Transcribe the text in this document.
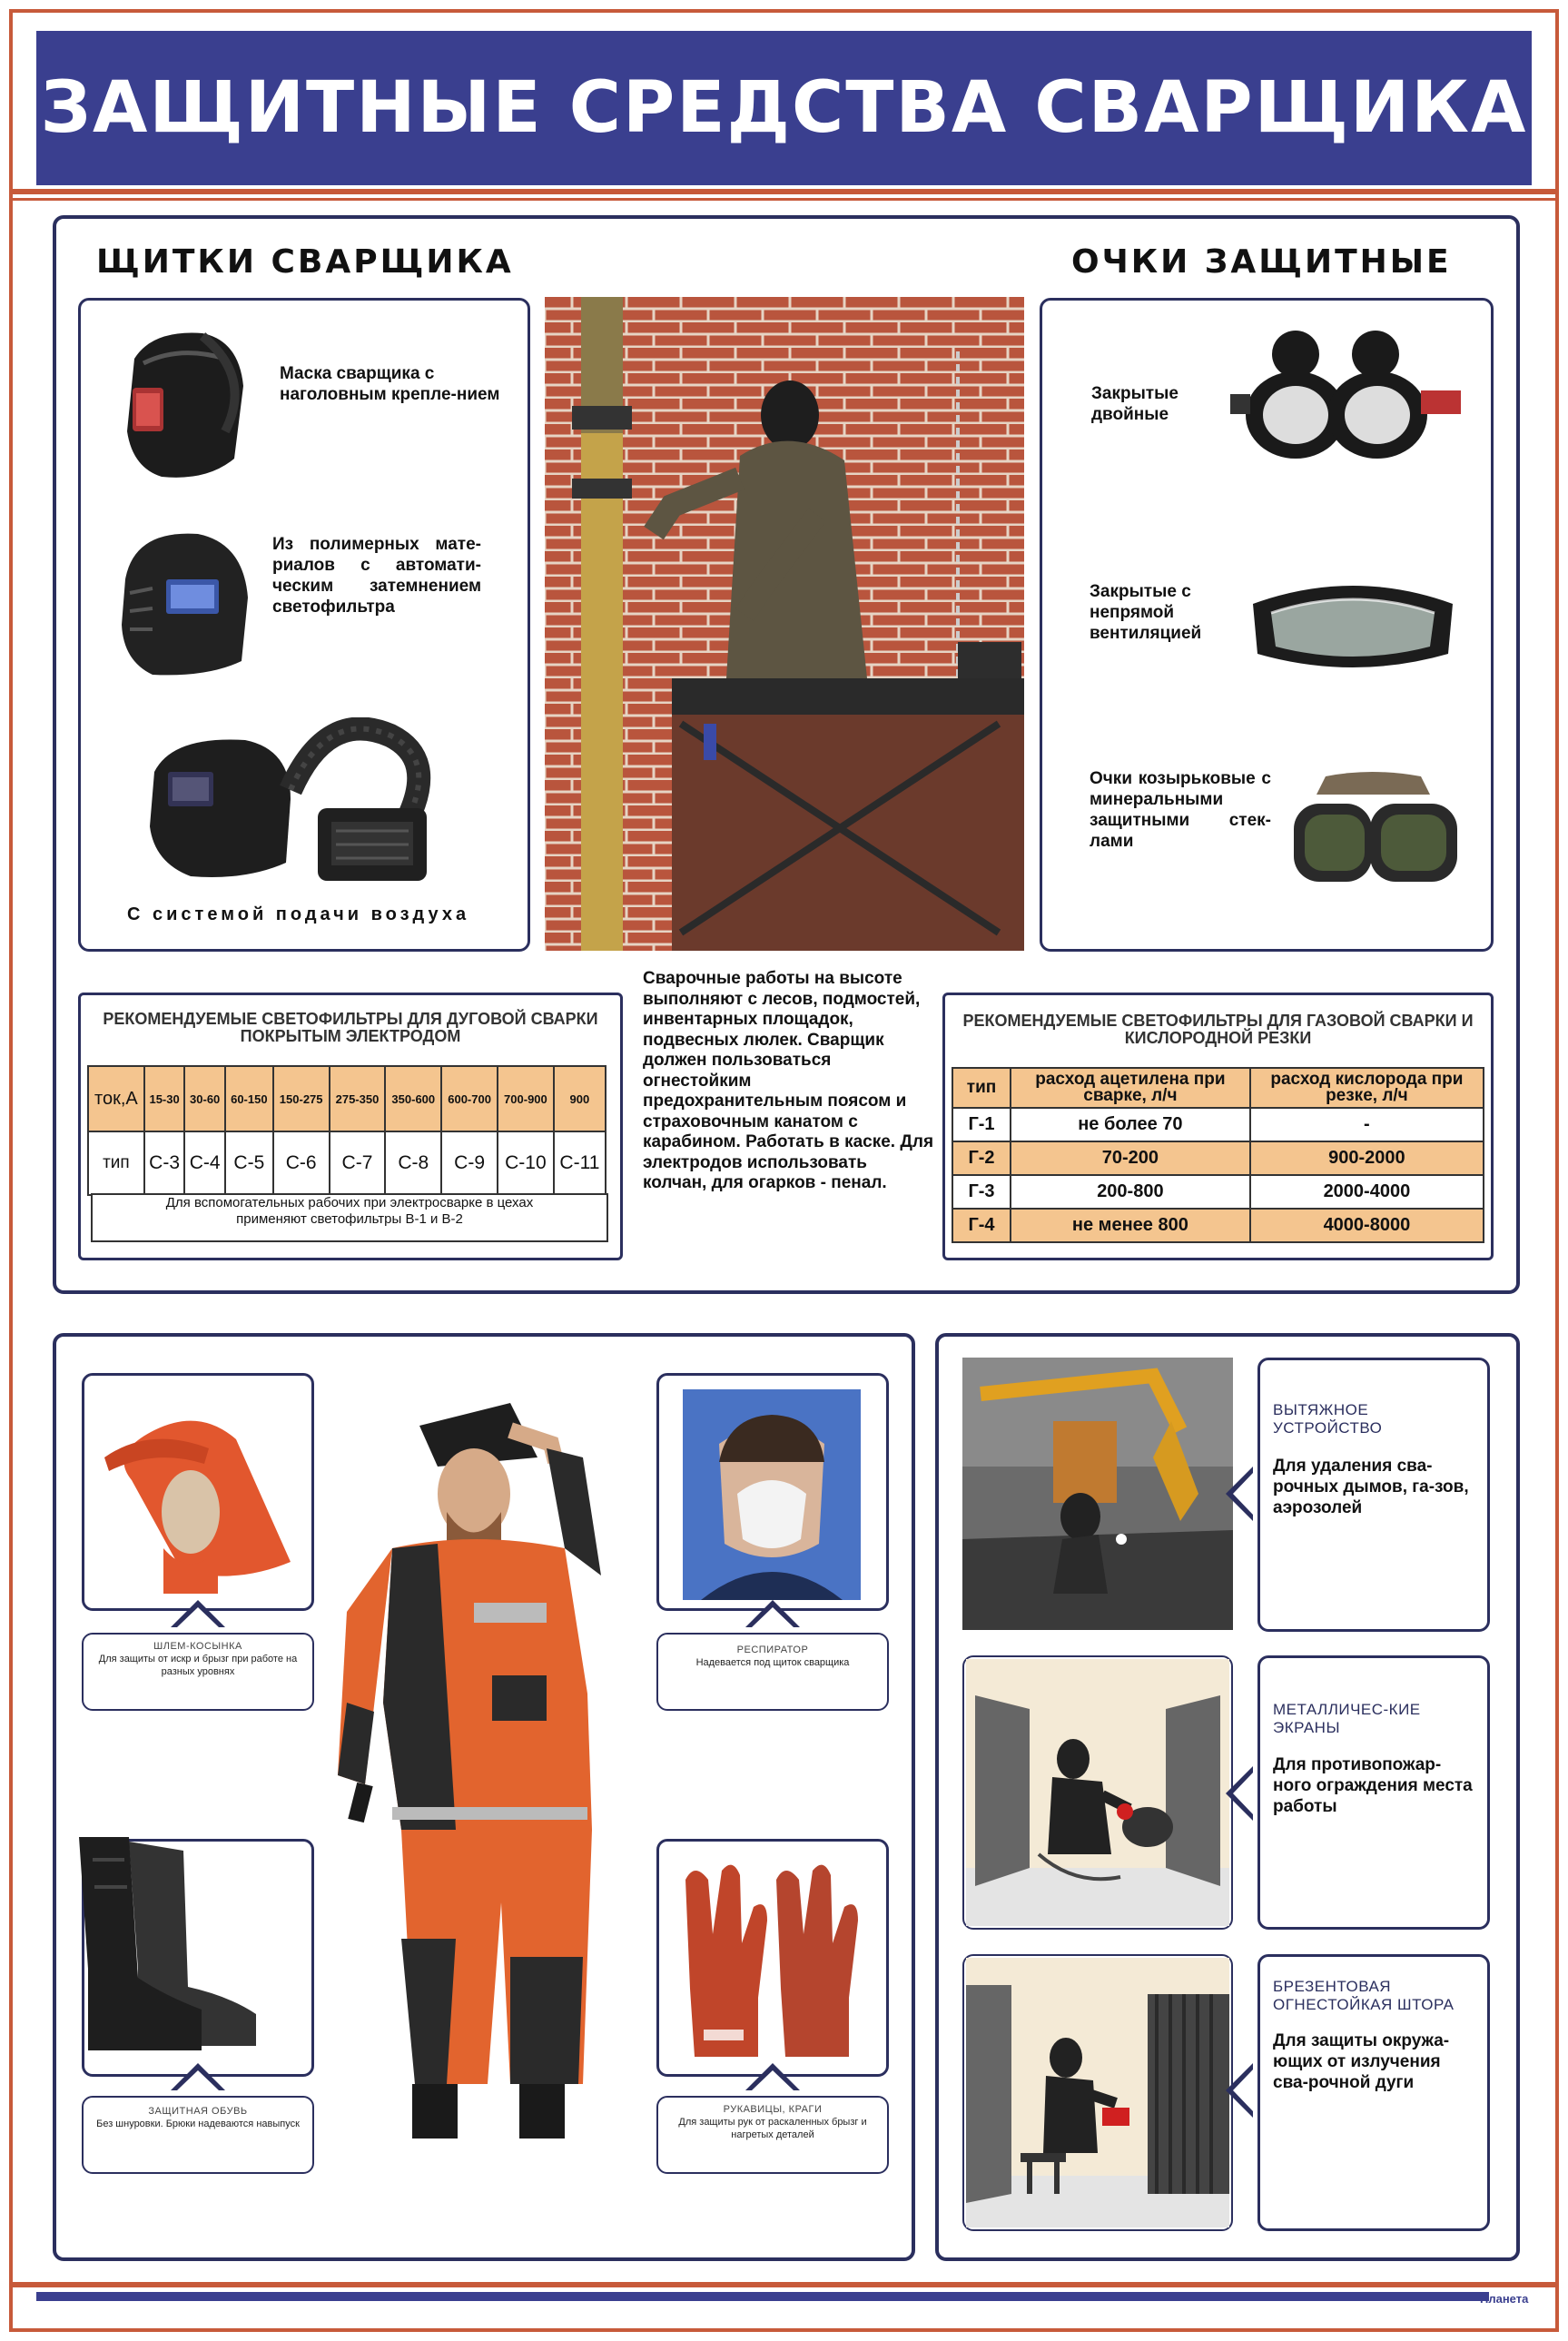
ЗАЩИТНЫЕ СРЕДСТВА СВАРЩИКА
ЩИТКИ СВАРЩИКА	ОЧКИ ЗАЩИТНЫЕ
Маска сварщика с наголовным крепле-нием
Из полимерных мате-риалов с автомати-ческим затемнением светофильтра
С системой подачи воздуха
Закрытые двойные
Закрытые с непрямой вентиляцией
Очки козырьковые с минеральными защитными стек-лами
РЕКОМЕНДУЕМЫЕ СВЕТОФИЛЬТРЫ ДЛЯ ДУГОВОЙ СВАРКИ ПОКРЫТЫМ ЭЛЕКТРОДОМ
ток,А	15-30	30-60	60-150	150-275	275-350	350-600	600-700	700-900	900
тип	С-3	С-4	С-5	С-6	С-7	С-8	С-9	С-10	С-11
Для вспомогательных рабочих при электросварке в цехах применяют светофильтры В-1 и В-2
Сварочные работы на высоте выполняют с лесов, подмостей, инвентарных площадок, подвесных люлек. Сварщик должен пользоваться огнестойким предохранительным поясом и страховочным канатом с карабином. Работать в каске. Для электродов использовать колчан, для огарков - пенал.
РЕКОМЕНДУЕМЫЕ СВЕТОФИЛЬТРЫ ДЛЯ ГАЗОВОЙ СВАРКИ И КИСЛОРОДНОЙ РЕЗКИ
тип	расход ацетилена при сварке, л/ч	расход кислорода при резке, л/ч
Г-1	не более 70	-
Г-2	70-200	900-2000
Г-3	200-800	2000-4000
Г-4	не менее 800	4000-8000
ШЛЕМ-КОСЫНКА
Для защиты от искр и брызг при работе на разных уровнях
ЗАЩИТНАЯ ОБУВЬ
Без шнуровки. Брюки надеваются навыпуск
РЕСПИРАТОР
Надевается под щиток сварщика
РУКАВИЦЫ, КРАГИ
Для защиты рук от раскаленных брызг и нагретых деталей
ВЫТЯЖНОЕ УСТРОЙСТВО
Для удаления сва-рочных дымов, га-зов, аэрозолей
МЕТАЛЛИЧЕС-КИЕ ЭКРАНЫ
Для противопожар-ного ограждения места работы
БРЕЗЕНТОВАЯ ОГНЕСТОЙКАЯ ШТОРА
Для защиты окружа-ющих от излучения сва-рочной дуги
Планета
